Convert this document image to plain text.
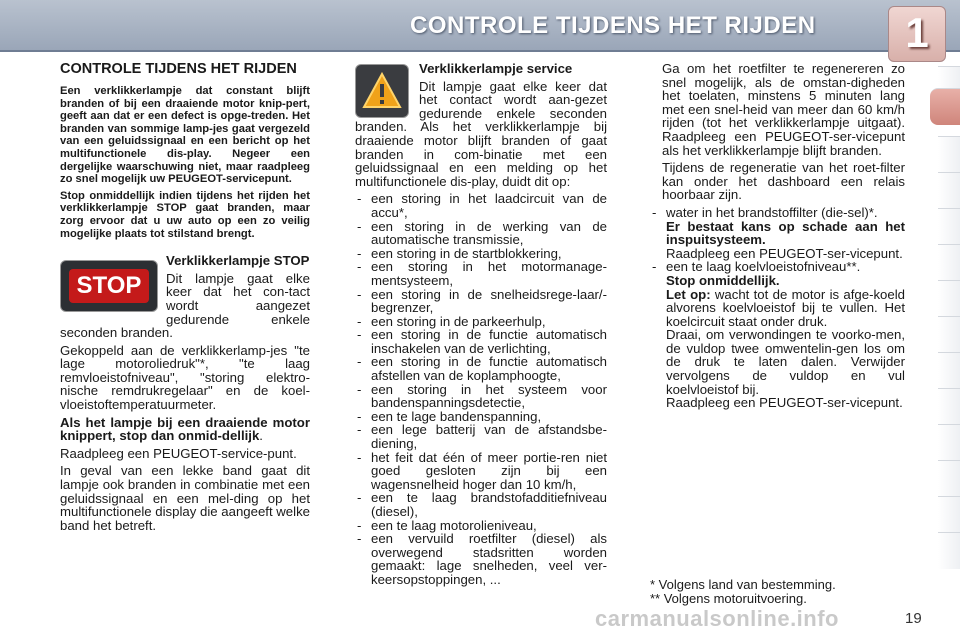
CONTROLE TIJDENS HET RIJDEN	1
CONTROLE TIJDENS HET RIJDEN

Een verklikkerlampje dat constant blijft branden of bij een draaiende motor knip-pert, geeft aan dat er een defect is opge-treden. Het branden van sommige lamp-jes gaat vergezeld van een geluidssignaal en een bericht op het multifunctionele dis-play. Negeer een dergelijke waarschuwing niet, maar raadpleeg zo snel mogelijk uw PEUGEOT-servicepunt.

Stop onmiddellijk indien tijdens het rijden het verklikkerlampje STOP gaat branden, maar zorg ervoor dat u uw auto op een zo veilig mogelijke plaats tot stilstand brengt.

STOP

Verklikkerlampje STOP

Dit lampje gaat elke keer dat het con-tact wordt aangezet gedurende enkele seconden branden.

Gekoppeld aan de verklikkerlamp-jes "te lage motoroliedruk"*, "te laag remvloeistofniveau", "storing elektro-nische remdrukregelaar" en de koel-vloeistoftemperatuurmeter.

Als het lampje bij een draaiende motor knippert, stop dan onmid-dellijk.

Raadpleeg een PEUGEOT-service-punt.

In geval van een lekke band gaat dit lampje ook branden in combinatie met een geluidssignaal en een mel-ding op het multifunctionele display die aangeeft welke band het betreft.

Verklikkerlampje service

Dit lampje gaat elke keer dat het contact wordt aan-gezet gedurende enkele seconden branden. Als het verklikkerlampje bij draaiende motor blijft branden of gaat branden in com-binatie met een geluidssignaal en een melding op het multifunctionele dis-play, duidt dit op:

- een storing in het laadcircuit van de accu*,
- een storing in de werking van de automatische transmissie,
- een storing in de startblokkering,
- een storing in het motormanage-mentsysteem,
- een storing in de snelheidsrege-laar/-begrenzer,
- een storing in de parkeerhulp,
- een storing in de functie automatisch inschakelen van de verlichting,
- een storing in de functie automatisch afstellen van de koplamphoogte,
- een storing in het systeem voor bandenspanningsdetectie,
- een te lage bandenspanning,
- een lege batterij van de afstandsbe-diening,
- het feit dat één of meer portie-ren niet goed gesloten zijn bij een wagensnelheid hoger dan 10 km/h,
- een te laag brandstofadditiefniveau (diesel),
- een te laag motorolieniveau,
- een vervuild roetfilter (diesel) als overwegend stadsritten worden gemaakt: lage snelheden, veel ver-keersopstoppingen, ...

Ga om het roetfilter te regenereren zo snel mogelijk, als de omstan-digheden het toelaten, minstens 5 minuten lang met een snel-heid van meer dan 60 km/h rijden (tot het verklikkerlampje uitgaat). Raadpleeg een PEUGEOT-ser-vicepunt als het verklikkerlampje blijft branden.

Tijdens de regeneratie van het roet-filter kan onder het dashboard een relais hoorbaar zijn.

- water in het brandstoffilter (die-sel)*.
Er bestaat kans op schade aan het inspuitsysteem.
Raadpleeg een PEUGEOT-ser-vicepunt.
- een te laag koelvloeistofniveau**.
Stop onmiddellijk.
Let op: wacht tot de motor is afge-koeld alvorens koelvloeistof bij te vullen. Het koelcircuit staat onder druk.

Draai, om verwondingen te voorko-men, de vuldop twee omwentelin-gen los om de druk te laten dalen. Verwijder vervolgens de vuldop en vul koelvloeistof bij.

Raadpleeg een PEUGEOT-ser-vicepunt.

* Volgens land van bestemming.
** Volgens motoruitvoering.
carmanualsonline.info	19
